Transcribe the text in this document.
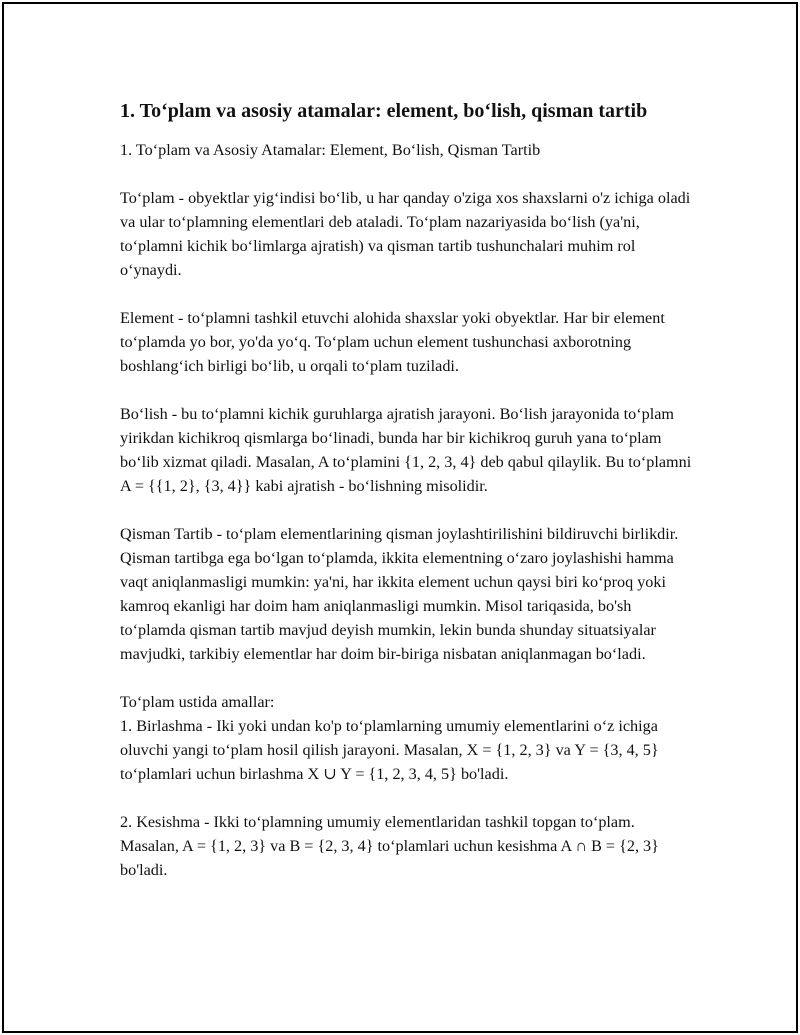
1. To‘plam va asosiy atamalar: element, bo‘lish, qisman tartib
1. To‘plam va Asosiy Atamalar: Element, Bo‘lish, Qisman Tartib

To‘plam - obyektlar yig‘indisi bo‘lib, u har qanday o'ziga xos shaxslarni o'z ichiga oladi va ular to‘plamning elementlari deb ataladi. To‘plam nazariyasida bo‘lish (ya'ni, to‘plamni kichik bo‘limlarga ajratish) va qisman tartib tushunchalari muhim rol o‘ynaydi.

Element - to‘plamni tashkil etuvchi alohida shaxslar yoki obyektlar. Har bir element to‘plamda yo bor, yo'da yo‘q. To‘plam uchun element tushunchasi axborotning boshlang‘ich birligi bo‘lib, u orqali to‘plam tuziladi.

Bo‘lish - bu to‘plamni kichik guruhlarga ajratish jarayoni. Bo‘lish jarayonida to‘plam yirikdan kichikroq qismlarga bo‘linadi, bunda har bir kichikroq guruh yana to‘plam bo‘lib xizmat qiladi. Masalan, A to‘plamini {1, 2, 3, 4} deb qabul qilaylik. Bu to‘plamni A = {{1, 2}, {3, 4}} kabi ajratish - bo‘lishning misolidir.

Qisman Tartib - to‘plam elementlarining qisman joylashtirilishini bildiruvchi birlikdir. Qisman tartibga ega bo‘lgan to‘plamda, ikkita elementning o‘zaro joylashishi hamma vaqt aniqlanmasligi mumkin: ya'ni, har ikkita element uchun qaysi biri ko‘proq yoki kamroq ekanligi har doim ham aniqlanmasligi mumkin. Misol tariqasida, bo'sh to‘plamda qisman tartib mavjud deyish mumkin, lekin bunda shunday situatsiyalar mavjudki, tarkibiy elementlar har doim bir-biriga nisbatan aniqlanmagan bo‘ladi.

To‘plam ustida amallar:
1. Birlashma - Iki yoki undan ko'p to‘plamlarning umumiy elementlarini o‘z ichiga oluvchi yangi to‘plam hosil qilish jarayoni. Masalan, X = {1, 2, 3} va Y = {3, 4, 5} to‘plamlari uchun birlashma X ∪ Y = {1, 2, 3, 4, 5} bo'ladi.
2. Kesishma - Ikki to‘plamning umumiy elementlaridan tashkil topgan to‘plam. Masalan, A = {1, 2, 3} va B = {2, 3, 4} to‘plamlari uchun kesishma A ∩ B = {2, 3} bo'ladi.
